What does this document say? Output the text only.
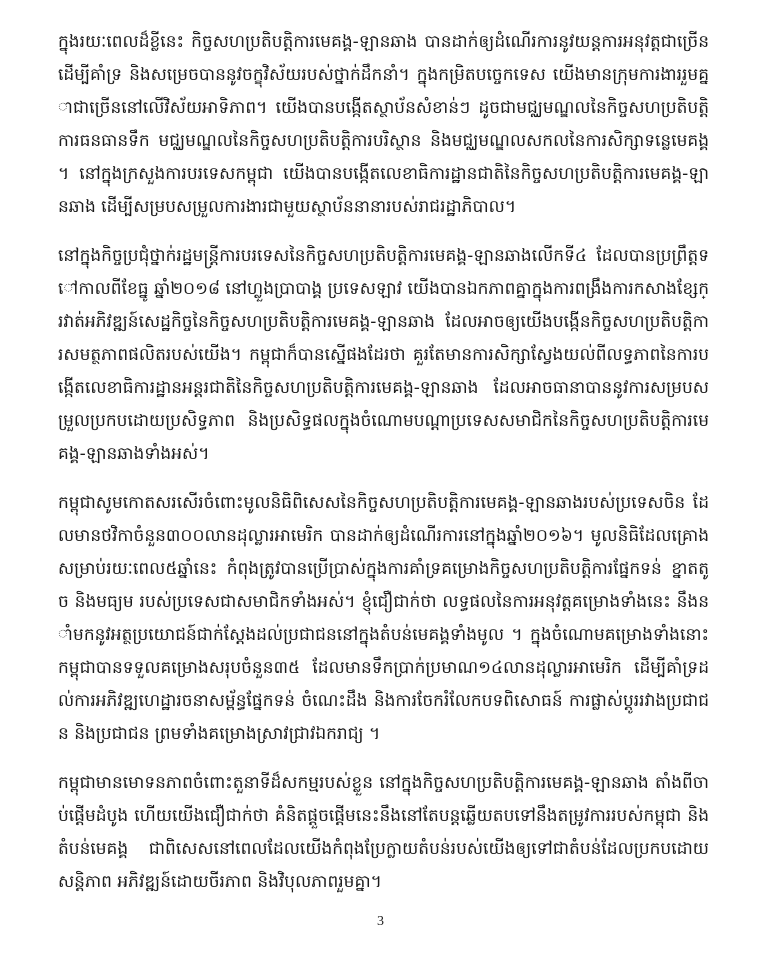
ក្នុងរយៈពេលដ៏ខ្លីនេះ កិច្ចសហប្រតិបត្តិការមេគង្គ-ឡានឆាង បានដាក់ឲ្យដំណើរការនូវយន្តការអនុវត្តជាច្រើន ដើម្បីគាំទ្រ និងសម្រេចបាននូវចក្ខុវិស័យរបស់ថ្នាក់ដឹកនាំ។ ក្នុងកម្រិតបច្ចេកទេស យើងមានក្រុមការងាររួមគ្នាជាច្រើននៅលើវិស័យអាទិភាព។ យើងបានបង្កើតស្ថាប័នសំខាន់ៗ ដូចជាមជ្ឈមណ្ឌលនៃកិច្ចសហប្រតិបត្តិការធនធានទឹក មជ្ឈមណ្ឌលនៃកិច្ចសហប្រតិបត្តិការបរិស្ថាន និងមជ្ឈមណ្ឌលសកលនៃការសិក្សាទន្លេមេគង្គ។ នៅក្នុងក្រសួងការបរទេសកម្ពុជា យើងបានបង្កើតលេខាធិការដ្ឋានជាតិនៃកិច្ចសហប្រតិបត្តិការមេគង្គ-ឡានឆាង ដើម្បីសម្របសម្រួលការងារជាមួយស្ថាប័ននានារបស់រាជរដ្ឋាភិបាល។

នៅក្នុងកិច្ចប្រជុំថ្នាក់រដ្ឋមន្ត្រីការបរទេសនៃកិច្ចសហប្រតិបត្តិការមេគង្គ-ឡានឆាងលើកទី៤ ដែលបានប្រព្រឹត្តទៅកាលពីខែធ្នូ ឆ្នាំ២០១៨ នៅហ្លួងប្រាបាង្គ ប្រទេសឡាវ យើងបានឯកភាពគ្នាក្នុងការពង្រឹងការកសាងខ្សែក្រវាត់អភិវឌ្ឍន៍សេដ្ឋកិច្ចនៃកិច្ចសហប្រតិបត្តិការមេគង្គ-ឡានឆាង ដែលអាចឲ្យយើងបង្កើនកិច្ចសហប្រតិបត្តិការសមត្ថភាពផលិតរបស់យើង។ កម្ពុជាក៏បានស្នើផងដែរថា គួរតែមានការសិក្សាស្វែងយល់ពីលទ្ធភាពនៃការបង្កើតលេខាធិការដ្ឋានអន្តរជាតិនៃកិច្ចសហប្រតិបត្តិការមេគង្គ-ឡានឆាង ដែលអាចធានាបាននូវការសម្របសម្រួលប្រកបដោយប្រសិទ្ធភាព និងប្រសិទ្ធផលក្នុងចំណោមបណ្តាប្រទេសសមាជិកនៃកិច្ចសហប្រតិបត្តិការមេគង្គ-ឡានឆាងទាំងអស់។

កម្ពុជាសូមកោតសរសើរចំពោះមូលនិធិពិសេសនៃកិច្ចសហប្រតិបត្តិការមេគង្គ-ឡានឆាងរបស់ប្រទេសចិន ដែលមានថវិកាចំនួន៣០០លានដុល្លារអាមេរិក បានដាក់ឲ្យដំណើរការនៅក្នុងឆ្នាំ២០១៦។ មូលនិធិដែលគ្រោងសម្រាប់រយៈពេល៥ឆ្នាំនេះ កំពុងត្រូវបានប្រើប្រាស់ក្នុងការគាំទ្រគម្រោងកិច្ចសហប្រតិបត្តិការផ្នែកទន់ ខ្នាតតូច និងមធ្យម របស់ប្រទេសជាសមាជិកទាំងអស់។ ខ្ញុំជឿជាក់ថា លទ្ធផលនៃការអនុវត្តគម្រោងទាំងនេះ នឹងនាំមកនូវអត្ថប្រយោជន៍ជាក់ស្តែងដល់ប្រជាជននៅក្នុងតំបន់មេគង្គទាំងមូល ។ ក្នុងចំណោមគម្រោងទាំងនោះ កម្ពុជាបានទទួលគម្រោងសរុបចំនួន៣៥ ដែលមានទឹកប្រាក់ប្រមាណ១៤លានដុល្លារអាមេរិក ដើម្បីគាំទ្រដល់ការអភិវឌ្ឍហេដ្ឋារចនាសម្ព័ន្ធផ្នែកទន់ ចំណេះដឹង និងការចែករំលែកបទពិសោធន៍ ការផ្លាស់ប្តូររវាងប្រជាជន និងប្រជាជន ព្រមទាំងគម្រោងស្រាវជ្រាវឯករាជ្យ ។

កម្ពុជាមានមោទនភាពចំពោះតួនាទីដ៏សកម្មរបស់ខ្លួន នៅក្នុងកិច្ចសហប្រតិបត្តិការមេគង្គ-ឡានឆាង តាំងពីចាប់ផ្តើមដំបូង ហើយយើងជឿជាក់ថា គំនិតផ្តួចផ្តើមនេះនឹងនៅតែបន្តឆ្លើយតបទៅនឹងតម្រូវការរបស់កម្ពុជា និងតំបន់មេគង្គ ជាពិសេសនៅពេលដែលយើងកំពុងប្រែក្លាយតំបន់របស់យើងឲ្យទៅជាតំបន់ដែលប្រកបដោយសន្តិភាព អភិវឌ្ឍន៍ដោយចីរភាព និងវិបុលភាពរួមគ្នា។

3
